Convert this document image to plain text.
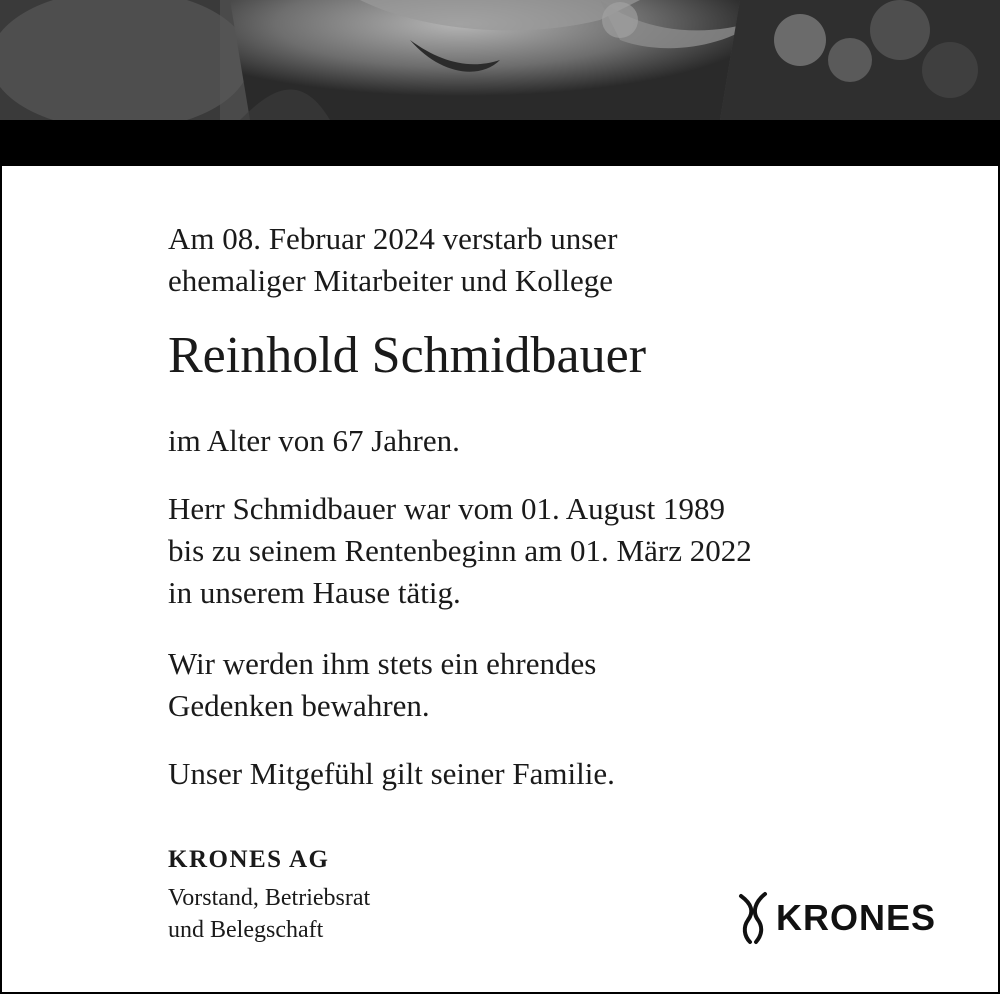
Am 08. Februar 2024 verstarb unser
ehemaliger Mitarbeiter und Kollege

Reinhold Schmidbauer

im Alter von 67 Jahren.

Herr Schmidbauer war vom 01. August 1989
bis zu seinem Rentenbeginn am 01. März 2022
in unserem Hause tätig.

Wir werden ihm stets ein ehrendes
Gedenken bewahren.

Unser Mitgefühl gilt seiner Familie.

KRONES AG

Vorstand, Betriebsrat
und Belegschaft	KRONES
